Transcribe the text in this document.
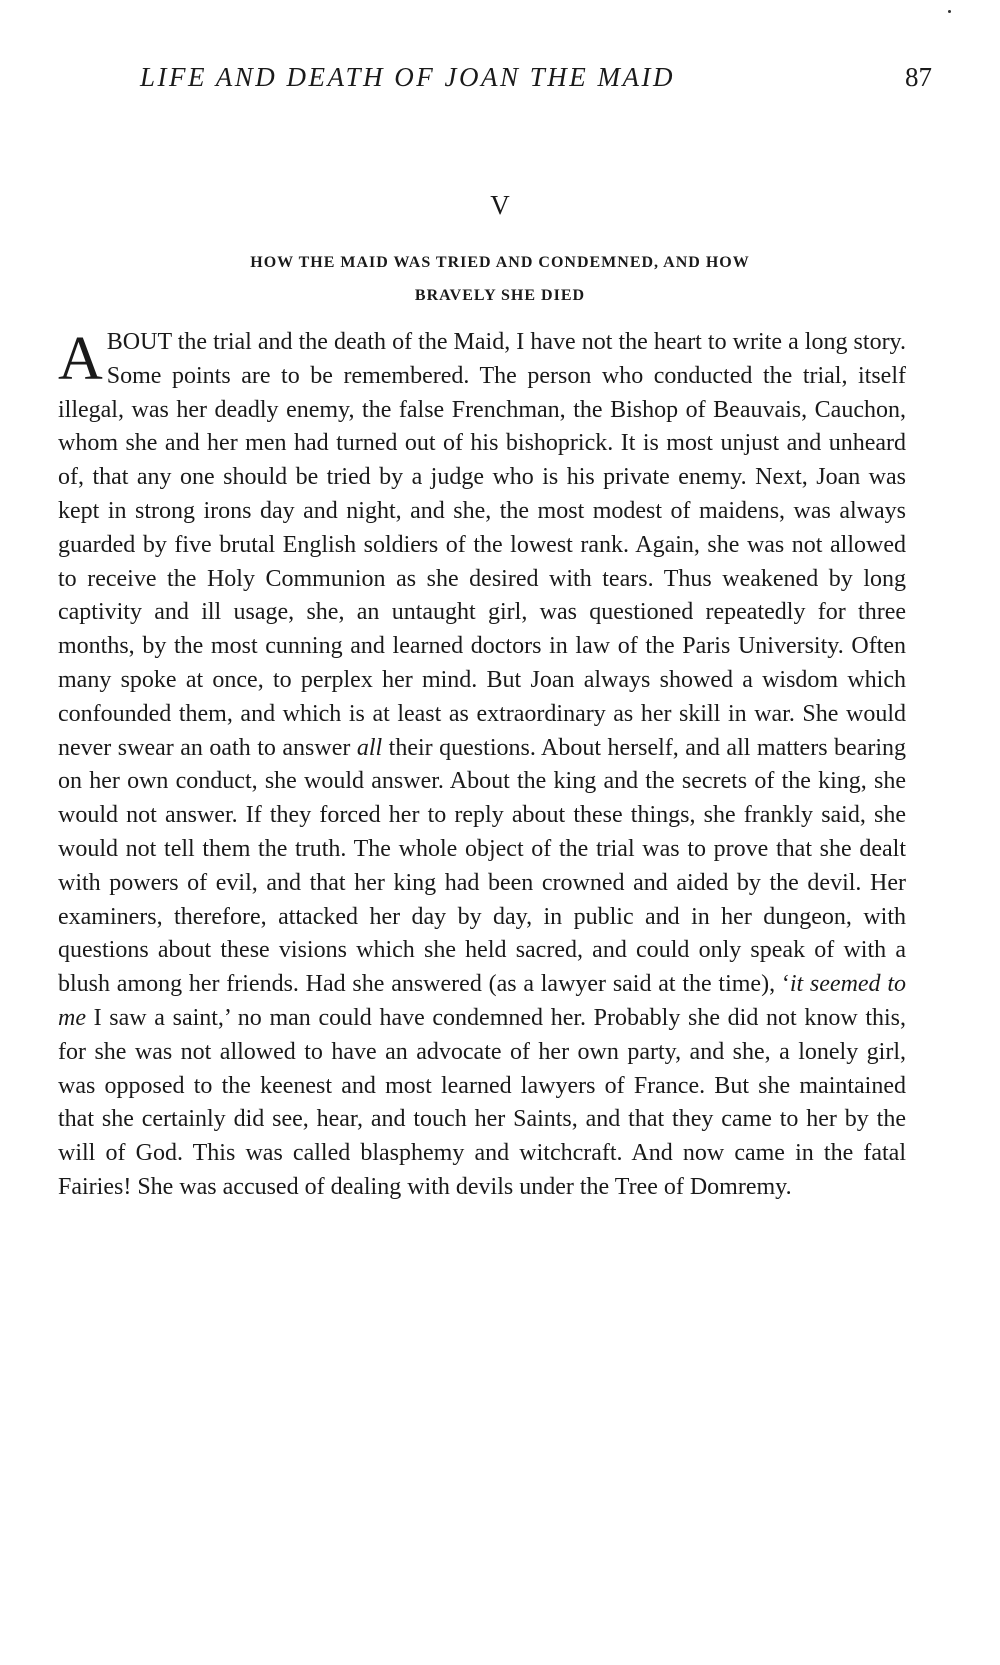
LIFE AND DEATH OF JOAN THE MAID	87
V
HOW THE MAID WAS TRIED AND CONDEMNED, AND HOW
BRAVELY SHE DIED

ABOUT the trial and the death of the Maid, I have not the heart to write a long story. Some points are to be remembered. The person who conducted the trial, itself illegal, was her deadly enemy, the false Frenchman, the Bishop of Beauvais, Cauchon, whom she and her men had turned out of his bishoprick. It is most unjust and unheard of, that any one should be tried by a judge who is his private enemy. Next, Joan was kept in strong irons day and night, and she, the most modest of maidens, was always guarded by five brutal English soldiers of the lowest rank. Again, she was not allowed to receive the Holy Communion as she desired with tears. Thus weakened by long captivity and ill usage, she, an untaught girl, was questioned repeatedly for three months, by the most cunning and learned doctors in law of the Paris University. Often many spoke at once, to perplex her mind. But Joan always showed a wisdom which confounded them, and which is at least as extraordinary as her skill in war. She would never swear an oath to answer all their questions. About herself, and all matters bearing on her own conduct, she would answer. About the king and the secrets of the king, she would not answer. If they forced her to reply about these things, she frankly said, she would not tell them the truth. The whole object of the trial was to prove that she dealt with powers of evil, and that her king had been crowned and aided by the devil. Her examiners, therefore, attacked her day by day, in public and in her dungeon, with questions about these visions which she held sacred, and could only speak of with a blush among her friends. Had she answered (as a lawyer said at the time), ‘it seemed to me I saw a saint,’ no man could have condemned her. Probably she did not know this, for she was not allowed to have an advocate of her own party, and she, a lonely girl, was opposed to the keenest and most learned lawyers of France. But she maintained that she certainly did see, hear, and touch her Saints, and that they came to her by the will of God. This was called blasphemy and witchcraft. And now came in the fatal Fairies! She was accused of dealing with devils under the Tree of Domremy.
